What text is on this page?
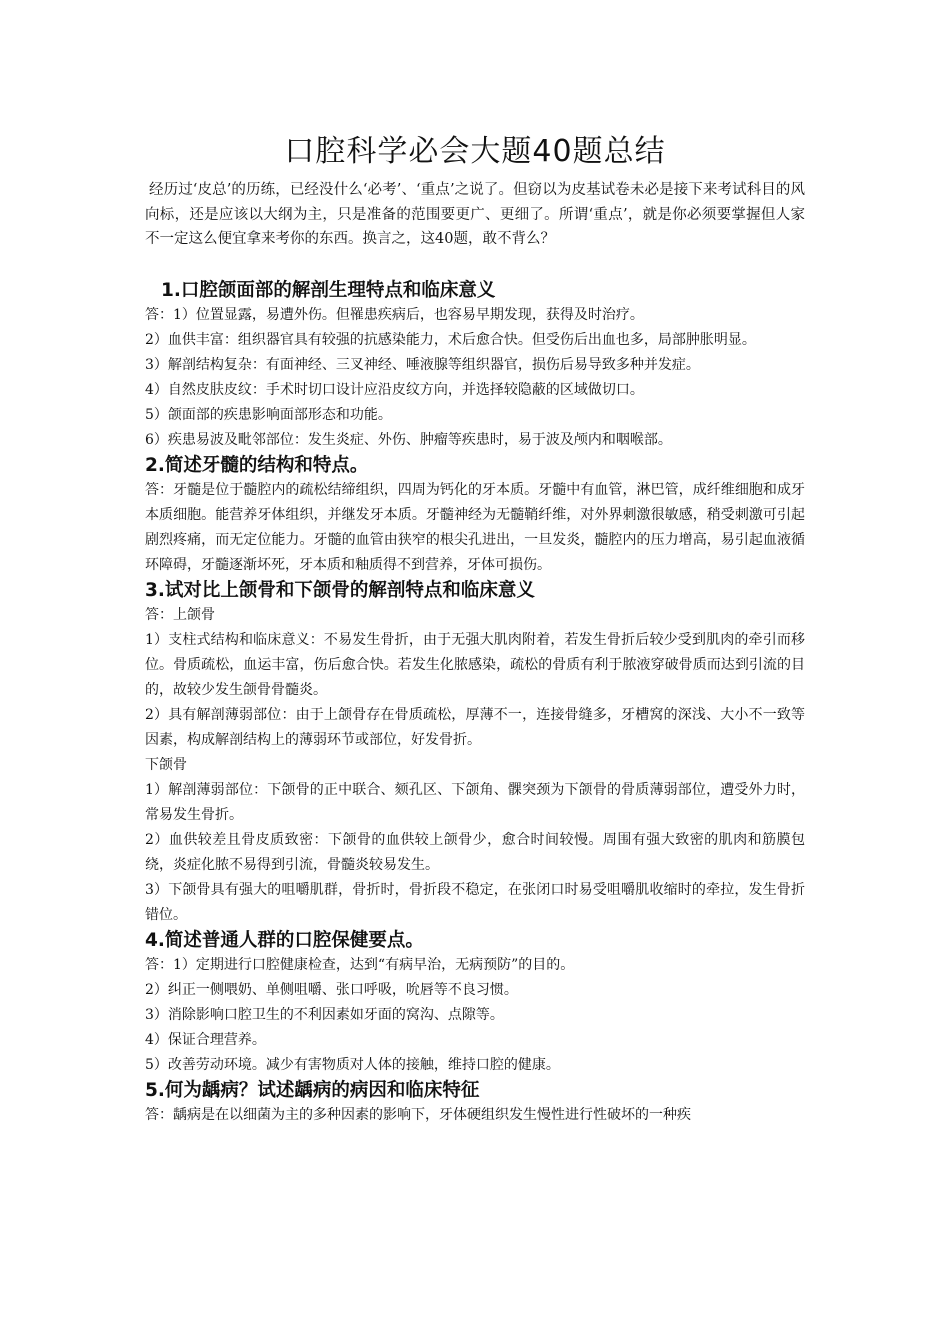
口腔科学必会大题40题总结

经历过‘皮总’的历练，已经没什么‘必考’、‘重点’之说了。但窃以为皮基试卷未必是接下来考试科目的风向标，还是应该以大纲为主，只是准备的范围要更广、更细了。所谓‘重点’，就是你必须要掌握但人家不一定这么便宜拿来考你的东西。换言之，这40题，敢不背么？

1.口腔颌面部的解剖生理特点和临床意义

答：1）位置显露，易遭外伤。但罹患疾病后，也容易早期发现，获得及时治疗。

2）血供丰富：组织器官具有较强的抗感染能力，术后愈合快。但受伤后出血也多，局部肿胀明显。

3）解剖结构复杂：有面神经、三叉神经、唾液腺等组织器官，损伤后易导致多种并发症。

4）自然皮肤皮纹：手术时切口设计应沿皮纹方向，并选择较隐蔽的区域做切口。

5）颌面部的疾患影响面部形态和功能。

6）疾患易波及毗邻部位：发生炎症、外伤、肿瘤等疾患时，易于波及颅内和咽喉部。

2.简述牙髓的结构和特点。

答：牙髓是位于髓腔内的疏松结缔组织，四周为钙化的牙本质。牙髓中有血管，淋巴管，成纤维细胞和成牙本质细胞。能营养牙体组织，并继发牙本质。牙髓神经为无髓鞘纤维，对外界刺激很敏感，稍受刺激可引起剧烈疼痛，而无定位能力。牙髓的血管由狭窄的根尖孔进出，一旦发炎，髓腔内的压力增高，易引起血液循环障碍，牙髓逐渐坏死，牙本质和釉质得不到营养，牙体可损伤。

3.试对比上颌骨和下颌骨的解剖特点和临床意义

答：上颌骨

1）支柱式结构和临床意义：不易发生骨折，由于无强大肌肉附着，若发生骨折后较少受到肌肉的牵引而移位。骨质疏松，血运丰富，伤后愈合快。若发生化脓感染，疏松的骨质有利于脓液穿破骨质而达到引流的目的，故较少发生颌骨骨髓炎。

2）具有解剖薄弱部位：由于上颌骨存在骨质疏松，厚薄不一，连接骨缝多，牙槽窝的深浅、大小不一致等因素，构成解剖结构上的薄弱环节或部位，好发骨折。

下颌骨

1）解剖薄弱部位：下颌骨的正中联合、颏孔区、下颌角、髁突颈为下颌骨的骨质薄弱部位，遭受外力时，常易发生骨折。

2）血供较差且骨皮质致密：下颌骨的血供较上颌骨少，愈合时间较慢。周围有强大致密的肌肉和筋膜包绕，炎症化脓不易得到引流，骨髓炎较易发生。

3）下颌骨具有强大的咀嚼肌群，骨折时，骨折段不稳定，在张闭口时易受咀嚼肌收缩时的牵拉，发生骨折错位。

4.简述普通人群的口腔保健要点。

答：1）定期进行口腔健康检查，达到“有病早治，无病预防”的目的。

2）纠正一侧喂奶、单侧咀嚼、张口呼吸，吮唇等不良习惯。

3）消除影响口腔卫生的不利因素如牙面的窝沟、点隙等。

4）保证合理营养。

5）改善劳动环境。减少有害物质对人体的接触，维持口腔的健康。

5.何为龋病？试述龋病的病因和临床特征

答：龋病是在以细菌为主的多种因素的影响下，牙体硬组织发生慢性进行性破坏的一种疾
